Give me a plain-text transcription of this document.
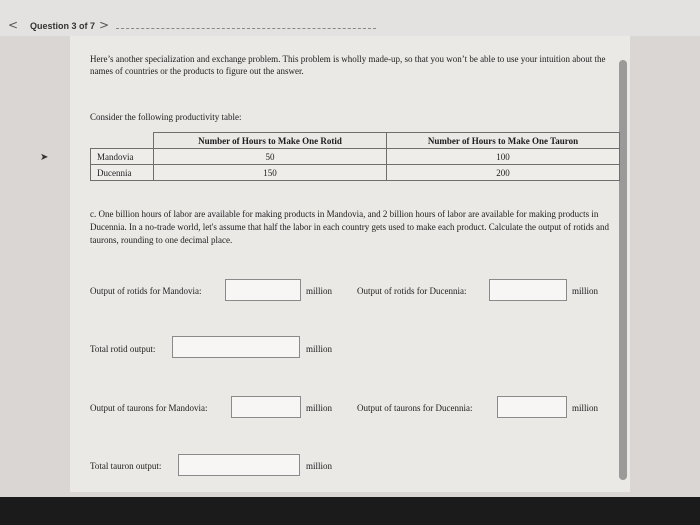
< Question 3 of 7 >
Here’s another specialization and exchange problem. This problem is wholly made-up, so that you won’t be able to use your intuition about the names of countries or the products to figure out the answer.
Consider the following productivity table:
➤
	Number of Hours to Make One Rotid	Number of Hours to Make One Tauron
Mandovia	50	100
Ducennia	150	200
c. One billion hours of labor are available for making products in Mandovia, and 2 billion hours of labor are available for making products in Ducennia. In a no-trade world, let's assume that half the labor in each country gets used to make each product. Calculate the output of rotids and taurons, rounding to one decimal place.
Output of rotids for Mandovia:	million	Output of rotids for Ducennia:	million
Total rotid output:	million
Output of taurons for Mandovia:	million	Output of taurons for Ducennia:	million
Total tauron output:	million
